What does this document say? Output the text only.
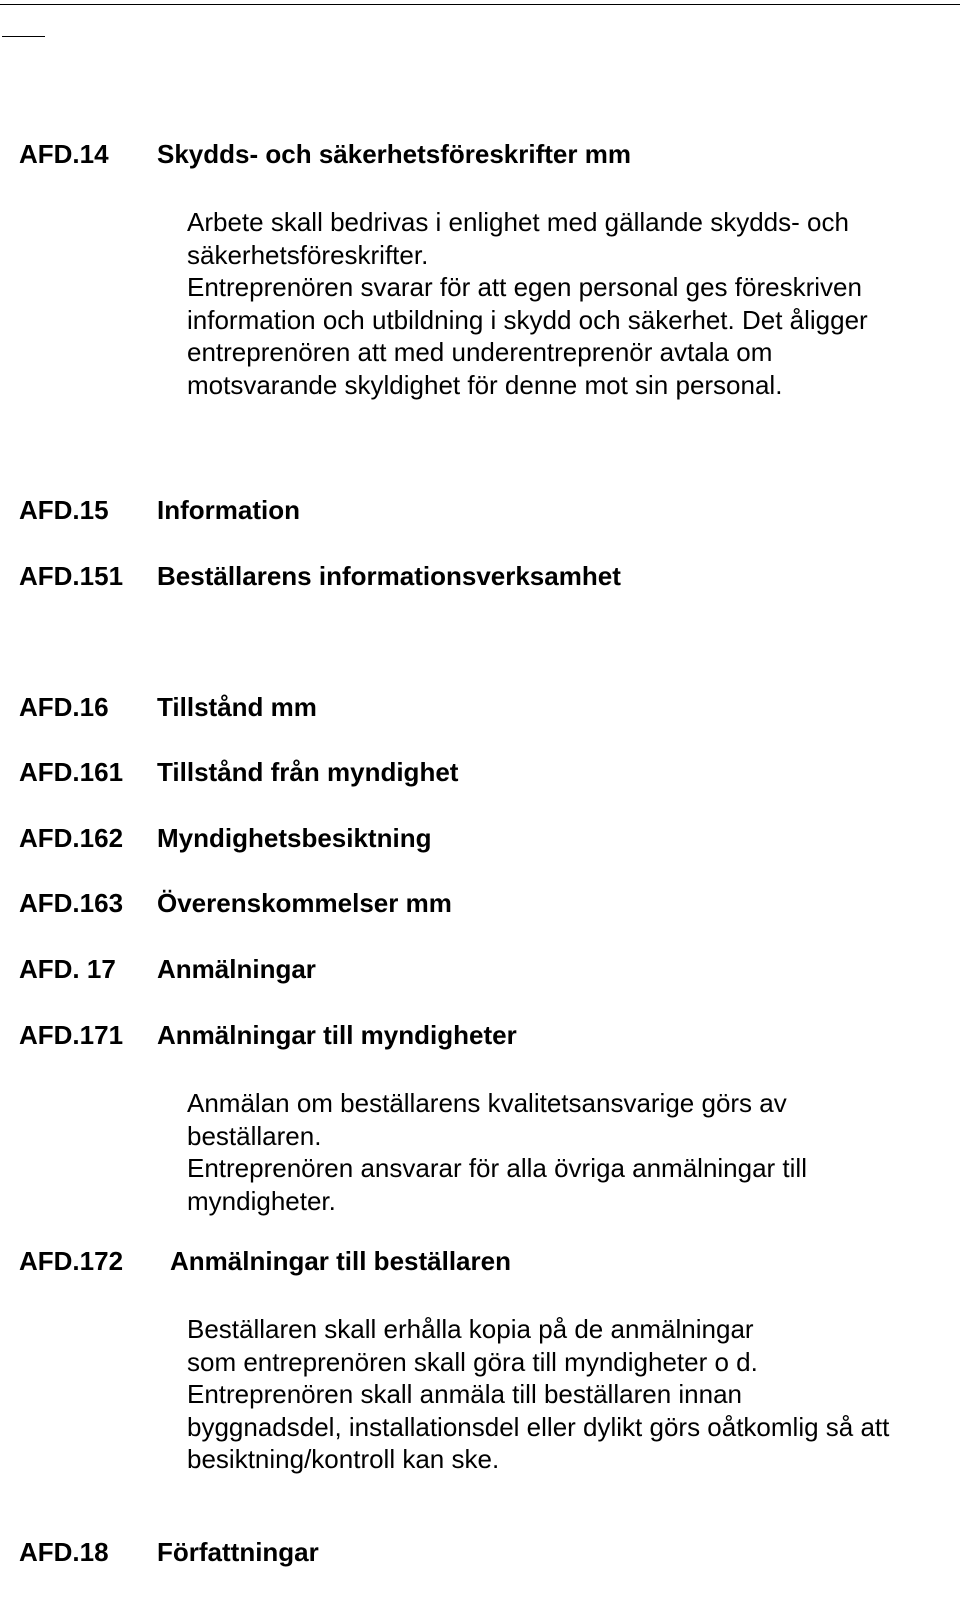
AFD.14 Skydds- och säkerhetsföreskrifter mm
Arbete skall bedrivas i enlighet med gällande skydds- och
säkerhetsföreskrifter.
Entreprenören svarar för att egen personal ges föreskriven
information och utbildning i skydd och säkerhet. Det åligger
entreprenören att med underentreprenör avtala om
motsvarande skyldighet för denne mot sin personal.
AFD.15 Information
AFD.151 Beställarens informationsverksamhet
AFD.16 Tillstånd mm
AFD.161 Tillstånd från myndighet
AFD.162 Myndighetsbesiktning
AFD.163 Överenskommelser mm
AFD. 17 Anmälningar
AFD.171 Anmälningar till myndigheter
Anmälan om beställarens kvalitetsansvarige görs av
beställaren.
Entreprenören ansvarar för alla övriga anmälningar till
myndigheter.
AFD.172 Anmälningar till beställaren
Beställaren skall erhålla kopia på de anmälningar
som entreprenören skall göra till myndigheter o d.
Entreprenören skall anmäla till beställaren innan
byggnadsdel, installationsdel eller dylikt görs oåtkomlig så att
besiktning/kontroll kan ske.
AFD.18 Författningar
